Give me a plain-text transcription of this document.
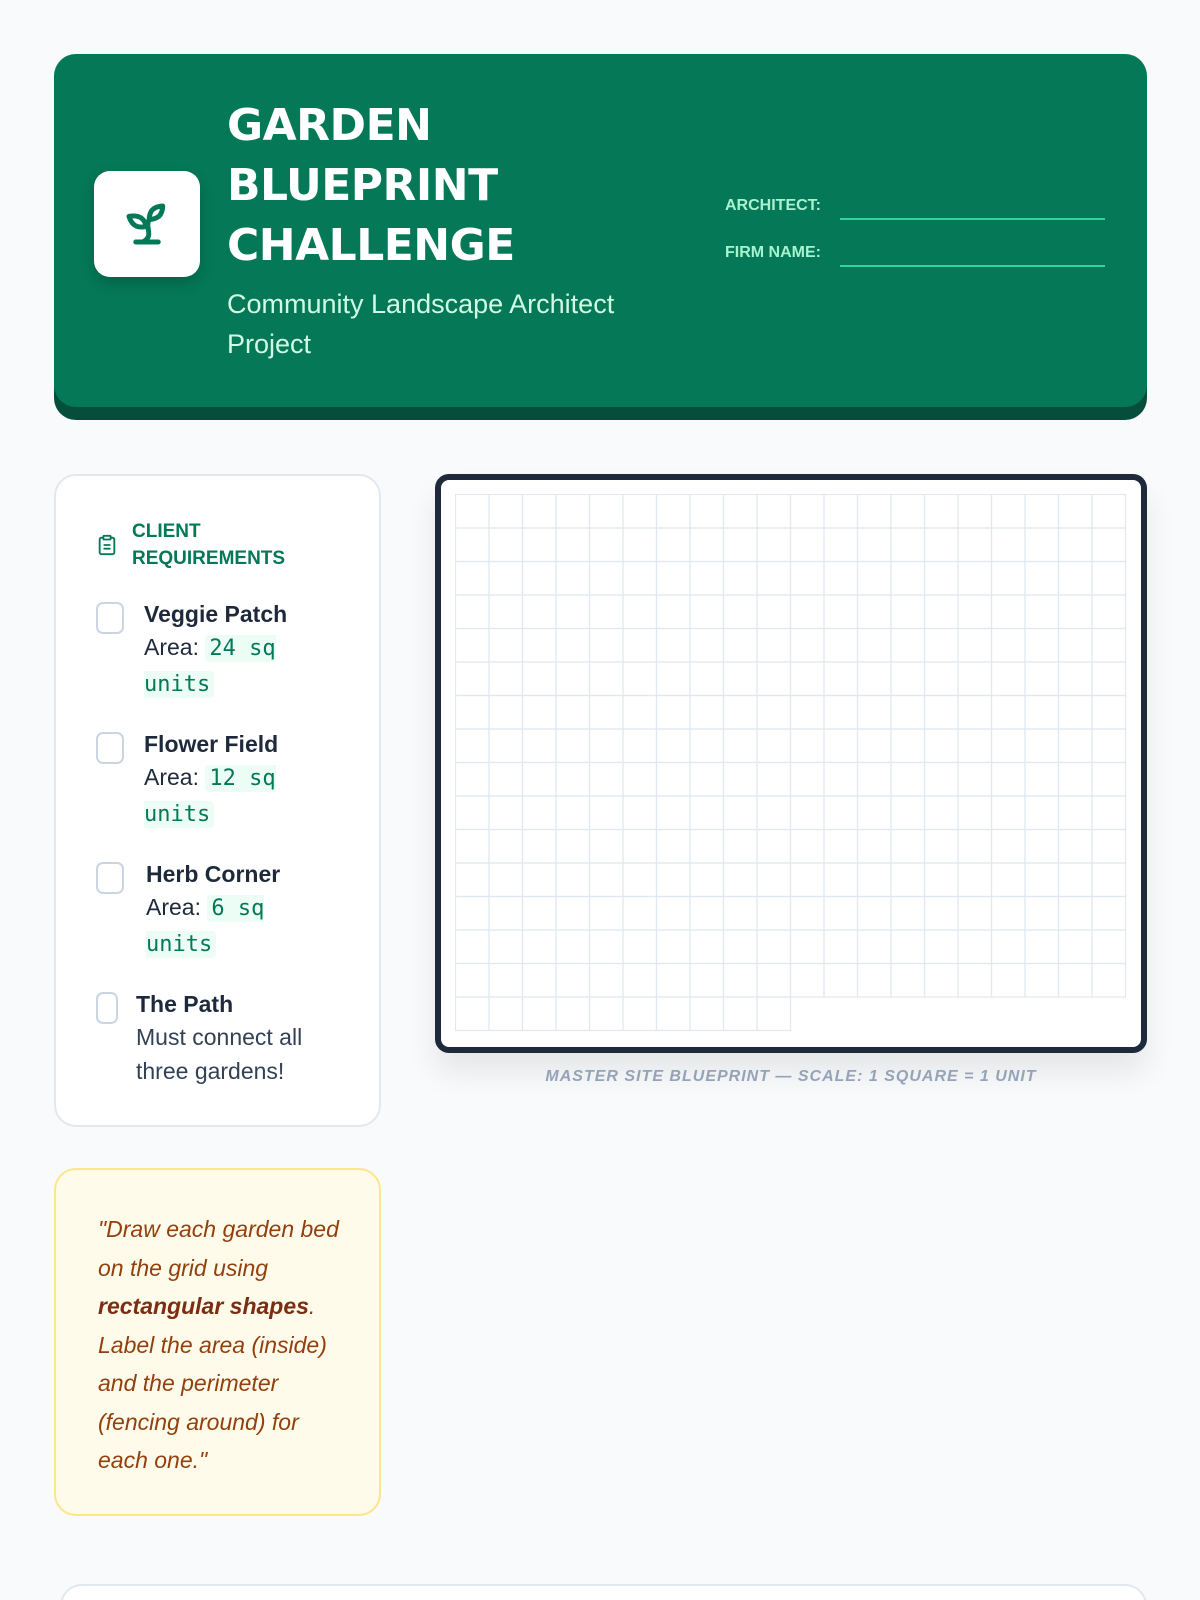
GARDEN BLUEPRINT CHALLENGE
Community Landscape Architect Project
ARCHITECT:
FIRM NAME:
CLIENT REQUIREMENTS
Veggie Patch
Area: 24 sq units
Flower Field
Area: 12 sq units
Herb Corner
Area: 6 sq units
The Path
Must connect all three gardens!

"Draw each garden bed on the grid using rectangular shapes. Label the area (inside) and the perimeter (fencing around) for each one."

MASTER SITE BLUEPRINT — SCALE: 1 SQUARE = 1 UNIT
